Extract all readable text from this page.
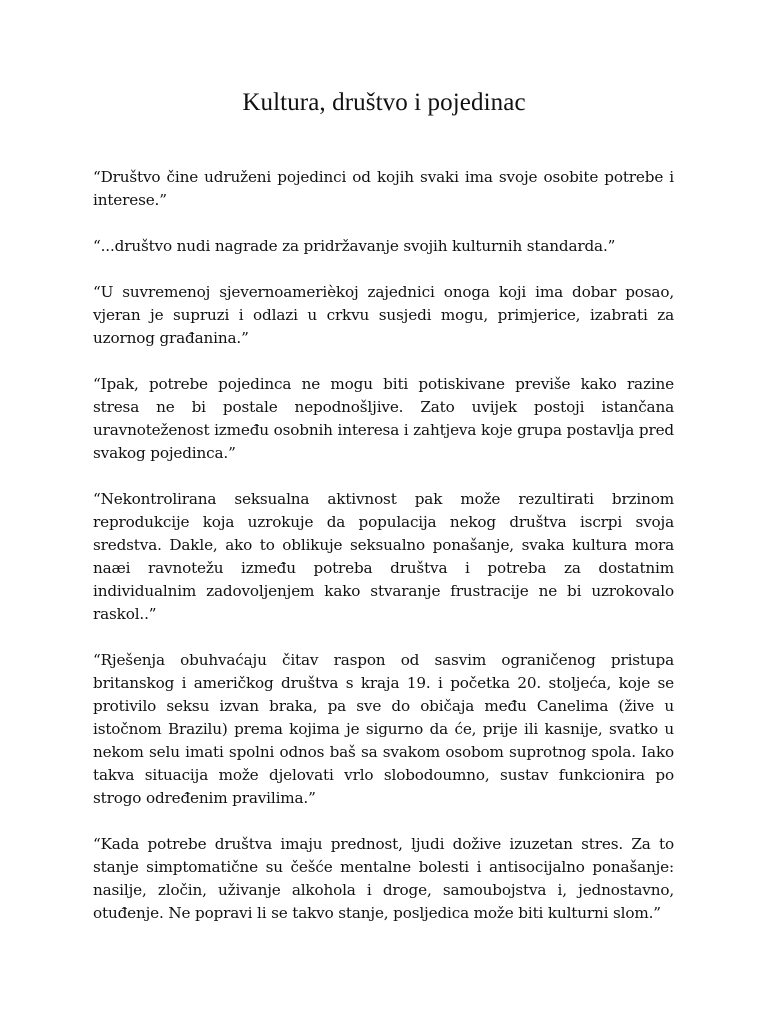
Kultura, društvo i pojedinac

“Društvo čine udruženi pojedinci od kojih svaki ima svoje osobite potrebe i interese.”

“...društvo nudi nagrade za pridržavanje svojih kulturnih standarda.”

“U suvremenoj sjevernoamerièkoj zajednici onoga koji ima dobar posao, vjeran je supruzi i odlazi u crkvu susjedi mogu, primjerice, izabrati za uzornog građanina.”

“Ipak, potrebe pojedinca ne mogu biti potiskivane previše kako razine stresa ne bi postale nepodnošljive. Zato uvijek postoji istančana uravnoteženost između osobnih interesa i zahtjeva koje grupa postavlja pred svakog pojedinca.”

“Nekontrolirana seksualna aktivnost pak može rezultirati brzinom reprodukcije koja uzrokuje da populacija nekog društva iscrpi svoja sredstva. Dakle, ako to oblikuje seksualno ponašanje, svaka kultura mora naæi ravnotežu između potreba društva i potreba za dostatnim individualnim zadovoljenjem kako stvaranje frustracije ne bi uzrokovalo raskol..”

“Rješenja obuhvaćaju čitav raspon od sasvim ograničenog pristupa britanskog i američkog društva s kraja 19. i početka 20. stoljeća, koje se protivilo seksu izvan braka, pa sve do običaja među Canelima (žive u istočnom Brazilu) prema kojima je sigurno da će, prije ili kasnije, svatko u nekom selu imati spolni odnos baš sa svakom osobom suprotnog spola. Iako takva situacija može djelovati vrlo slobodoumno, sustav funkcionira po strogo određenim pravilima.”

“Kada potrebe društva imaju prednost, ljudi dožive izuzetan stres. Za to stanje simptomatične su češće mentalne bolesti i antisocijalno ponašanje: nasilje, zločin, uživanje alkohola i droge, samoubojstva i, jednostavno, otuđenje. Ne popravi li se takvo stanje, posljedica može biti kulturni slom.”
